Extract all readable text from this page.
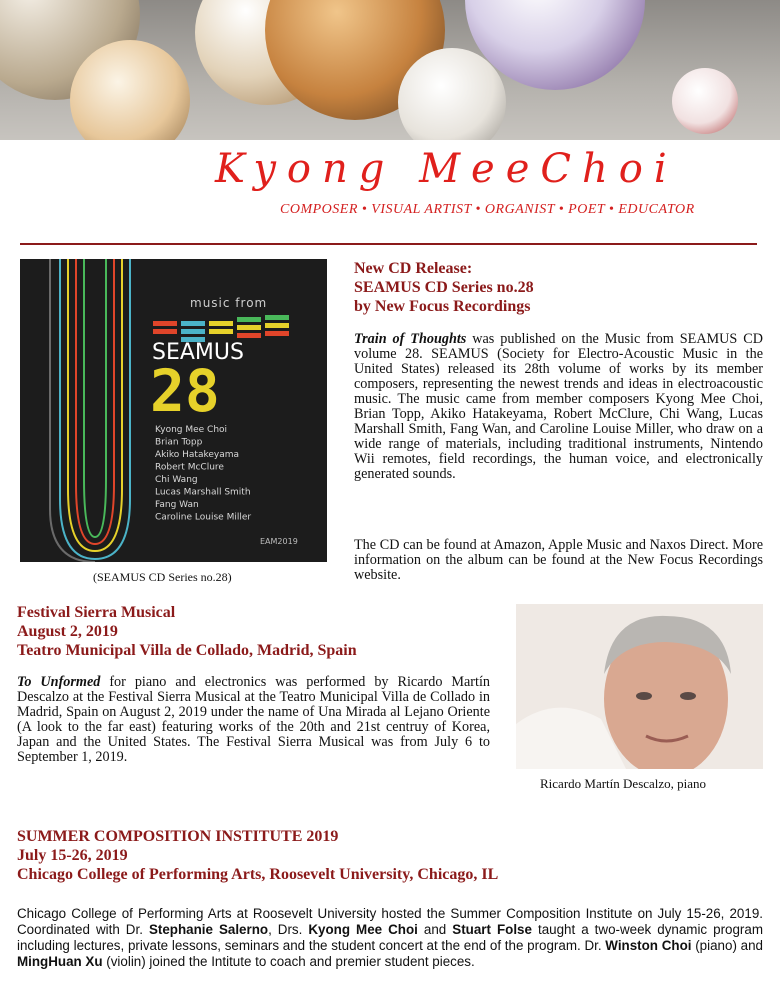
Kyong MeeChoi
COMPOSER • VISUAL ARTIST • ORGANIST • POET • EDUCATOR
music from
SEAMUS
28
Kyong Mee Choi
Brian Topp
Akiko Hatakeyama
Robert McClure
Chi Wang
Lucas Marshall Smith
Fang Wan
Caroline Louise Miller
EAM2019
(SEAMUS CD Series no.28)
New CD Release:
SEAMUS CD Series no.28
by New Focus Recordings

Train of Thoughts was published on the Music from SEAMUS CD volume 28. SEAMUS (Society for Electro-Acoustic Music in the United States) released its 28th volume of works by its member composers, representing the newest trends and ideas in electroacoustic music. The music came from member composers Kyong Mee Choi, Brian Topp, Akiko Hatakeyama, Robert McClure, Chi Wang, Lucas Marshall Smith, Fang Wan, and Caroline Louise Miller, who draw on a wide range of materials, including traditional instruments, Nintendo Wii remotes, field recordings, the human voice, and electronically generated sounds.

The CD can be found at Amazon, Apple Music and Naxos Direct. More information on the album can be found at the New Focus Recordings website.

Festival Sierra Musical
August 2, 2019
Teatro Municipal Villa de Collado, Madrid, Spain

To Unformed for piano and electronics was performed by Ricardo Martín Descalzo at the Festival Sierra Musical at the Teatro Municipal Villa de Collado in Madrid, Spain on August 2, 2019 under the name of Una Mirada al Lejano Oriente (A look to the far east) featuring works of the 20th and 21st centruy of Korea, Japan and the United States. The Festival Sierra Musical was from July 6 to September 1, 2019.

Ricardo Martín Descalzo, piano
SUMMER COMPOSITION INSTITUTE 2019
July 15-26, 2019
Chicago College of Performing Arts, Roosevelt University, Chicago, IL

Chicago College of Performing Arts at Roosevelt University hosted the Summer Composition Institute on July 15-26, 2019. Coordinated with Dr. Stephanie Salerno, Drs. Kyong Mee Choi and Stuart Folse taught a two-week dynamic program including lectures, private lessons, seminars and the student concert at the end of the program. Dr. Winston Choi (piano) and MingHuan Xu (violin) joined the Intitute to coach and premier student pieces.
